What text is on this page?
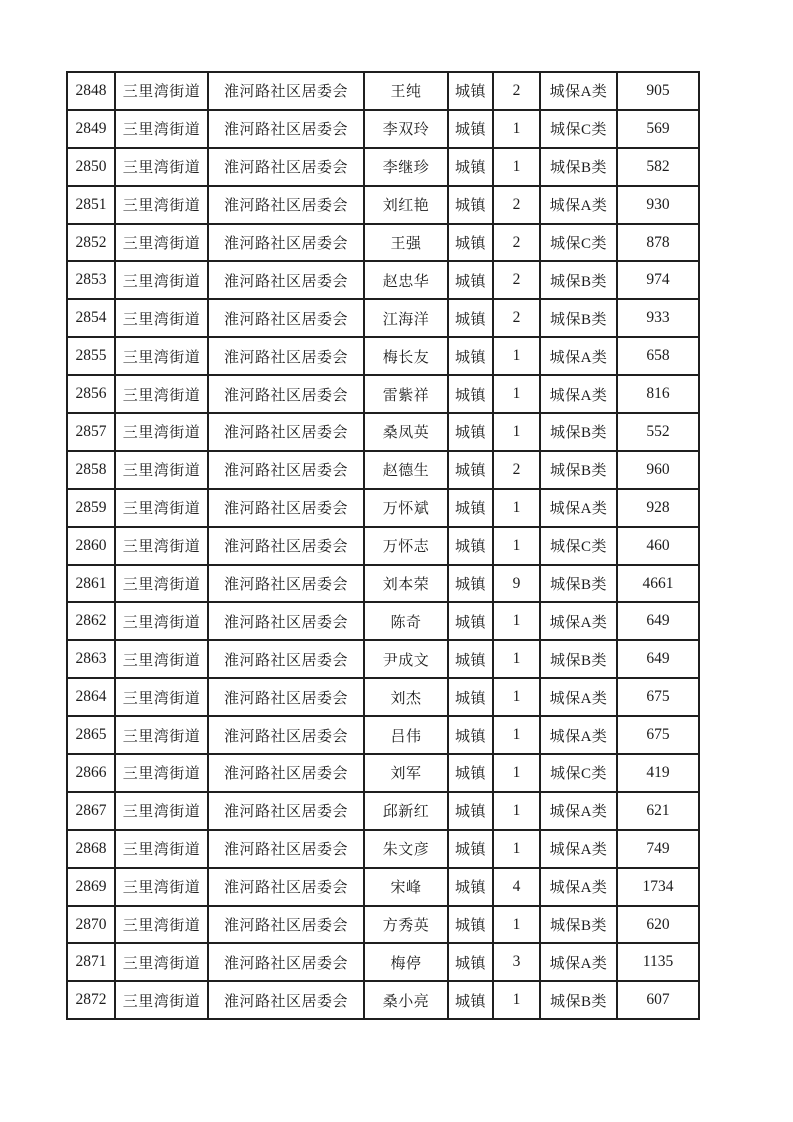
2848	三里湾街道	淮河路社区居委会	王纯	城镇	2	城保A类	905
2849	三里湾街道	淮河路社区居委会	李双玲	城镇	1	城保C类	569
2850	三里湾街道	淮河路社区居委会	李继珍	城镇	1	城保B类	582
2851	三里湾街道	淮河路社区居委会	刘红艳	城镇	2	城保A类	930
2852	三里湾街道	淮河路社区居委会	王强	城镇	2	城保C类	878
2853	三里湾街道	淮河路社区居委会	赵忠华	城镇	2	城保B类	974
2854	三里湾街道	淮河路社区居委会	江海洋	城镇	2	城保B类	933
2855	三里湾街道	淮河路社区居委会	梅长友	城镇	1	城保A类	658
2856	三里湾街道	淮河路社区居委会	雷紫祥	城镇	1	城保A类	816
2857	三里湾街道	淮河路社区居委会	桑凤英	城镇	1	城保B类	552
2858	三里湾街道	淮河路社区居委会	赵德生	城镇	2	城保B类	960
2859	三里湾街道	淮河路社区居委会	万怀斌	城镇	1	城保A类	928
2860	三里湾街道	淮河路社区居委会	万怀志	城镇	1	城保C类	460
2861	三里湾街道	淮河路社区居委会	刘本荣	城镇	9	城保B类	4661
2862	三里湾街道	淮河路社区居委会	陈奇	城镇	1	城保A类	649
2863	三里湾街道	淮河路社区居委会	尹成文	城镇	1	城保B类	649
2864	三里湾街道	淮河路社区居委会	刘杰	城镇	1	城保A类	675
2865	三里湾街道	淮河路社区居委会	吕伟	城镇	1	城保A类	675
2866	三里湾街道	淮河路社区居委会	刘军	城镇	1	城保C类	419
2867	三里湾街道	淮河路社区居委会	邱新红	城镇	1	城保A类	621
2868	三里湾街道	淮河路社区居委会	朱文彦	城镇	1	城保A类	749
2869	三里湾街道	淮河路社区居委会	宋峰	城镇	4	城保A类	1734
2870	三里湾街道	淮河路社区居委会	方秀英	城镇	1	城保B类	620
2871	三里湾街道	淮河路社区居委会	梅停	城镇	3	城保A类	1135
2872	三里湾街道	淮河路社区居委会	桑小亮	城镇	1	城保B类	607
